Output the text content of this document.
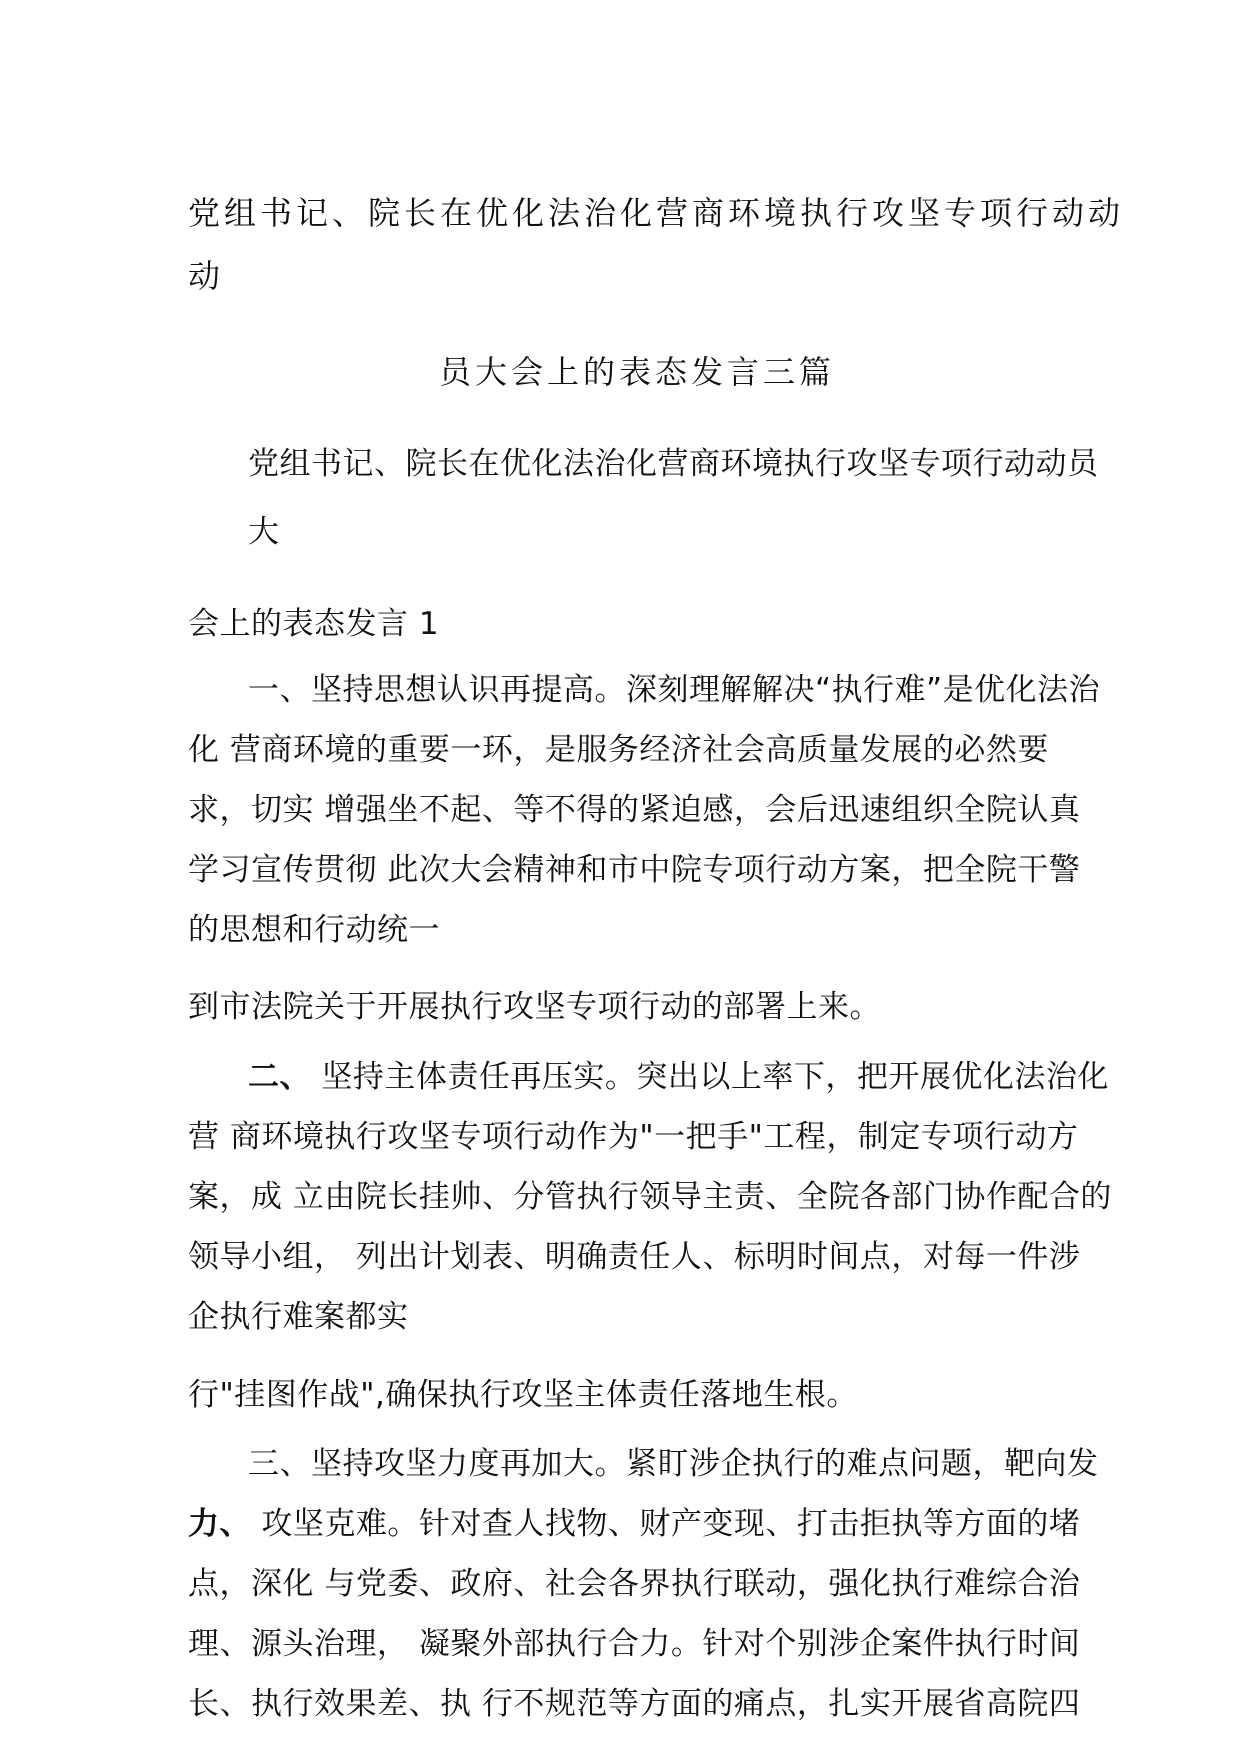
党组书记、院长在优化法治化营商环境执行攻坚专项行动动

动

员大会上的表态发言三篇

党组书记、院长在优化法治化营商环境执行攻坚专项行动动员

大

会上的表态发言 1

一、坚持思想认识再提高。深刻理解解决“执行难”是优化法治

化 营商环境的重要一环，是服务经济社会高质量发展的必然要

求，切实 增强坐不起、等不得的紧迫感，会后迅速组织全院认真

学习宣传贯彻 此次大会精神和市中院专项行动方案，把全院干警

的思想和行动统一

到市法院关于开展执行攻坚专项行动的部署上来。

二、 坚持主体责任再压实。突出以上率下，把开展优化法治化

营 商环境执行攻坚专项行动作为"一把手"工程，制定专项行动方

案，成 立由院长挂帅、分管执行领导主责、全院各部门协作配合的

领导小组， 列出计划表、明确责任人、标明时间点，对每一件涉

企执行难案都实

行"挂图作战",确保执行攻坚主体责任落地生根。

三、坚持攻坚力度再加大。紧盯涉企执行的难点问题，靶向发

力、 攻坚克难。针对查人找物、财产变现、打击拒执等方面的堵

点，深化 与党委、政府、社会各界执行联动，强化执行难综合治

理、源头治理， 凝聚外部执行合力。针对个别涉企案件执行时间

长、执行效果差、执 行不规范等方面的痛点，扎实开展省高院四
